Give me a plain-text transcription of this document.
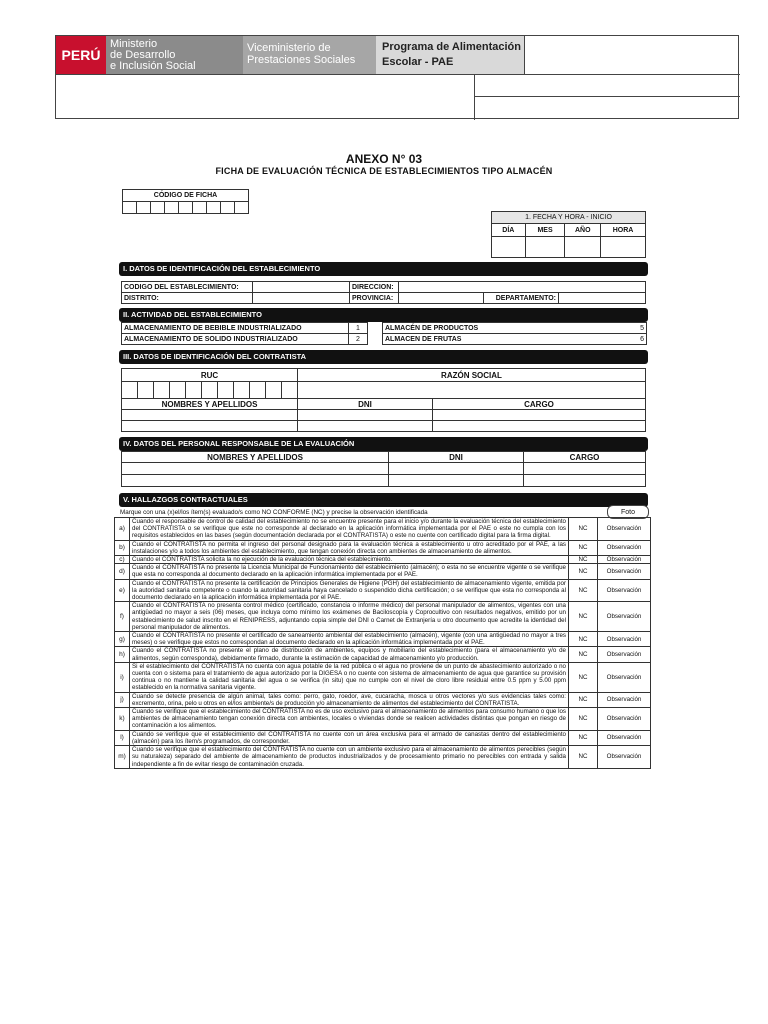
PERÚ
Ministerio
de Desarrollo
e Inclusión Social
Viceministerio de
Prestaciones Sociales
Programa de Alimentación
Escolar - PAE
ANEXO N° 03
FICHA DE EVALUACIÓN TÉCNICA DE ESTABLECIMIENTOS TIPO ALMACÉN
CÓDIGO DE FICHA

1. FECHA Y HORA - INICIO			
DÍA	MES	AÑO	HORA

I. DATOS DE IDENTIFICACIÓN DEL ESTABLECIMIENTO
CODIGO DEL ESTABLECIMIENTO:		DIRECCION:			
DISTRITO:		PROVINCIA:		DEPARTAMENTO:	
II. ACTIVIDAD DEL ESTABLECIMIENTO
ALMACENAMIENTO DE BEBIBLE INDUSTRIALIZADO	1
ALMACENAMIENTO DE SOLIDO INDUSTRIALIZADO	2
ALMACÉN DE PRODUCTOS	5
ALMACEN DE FRUTAS	6
III. DATOS DE IDENTIFICACIÓN DEL CONTRATISTA
RUC											RAZÓN SOCIAL	

NOMBRES Y APELLIDOS											DNI	CARGO

IV. DATOS DEL PERSONAL RESPONSABLE DE LA EVALUACIÓN
NOMBRES Y APELLIDOS	DNI	CARGO

V. HALLAZGOS CONTRACTUALES
Marque con una (x)el/los ítem(s) evaluado/s como NO CONFORME (NC) y precise la observación identificada	Foto
a)	Cuando el responsable de control de calidad del establecimiento no se encuentre presente para el inicio y/o durante la evaluación técnica del establecimiento del CONTRATISTA o se verifique que este no corresponde al declarado en la aplicación informática implementada por el PAE o este no cumpla con los requisitos establecidos en las bases (según documentación declarada por el CONTRATISTA) o este no cuente con certificado digital para la firma digital.	NC	Observación
b)	Cuando el CONTRATISTA no permita el ingreso del personal designado para la evaluación técnica a establecimiento u otro acreditado por el PAE, a las instalaciones y/o a todos los ambientes del establecimiento, que tengan conexión directa con ambientes de almacenamiento de alimentos.	NC	Observación
c)	Cuando el CONTRATISTA solicita la no ejecución de la evaluación técnica del establecimiento.	NC	Observación
d)	Cuando el CONTRATISTA no presente la Licencia Municipal de Funcionamiento del establecimiento (almacén); o esta no se encuentre vigente o se verifique que esta no corresponda al documento declarado en la aplicación informática implementada por el PAE.	NC	Observación
e)	Cuando el CONTRATISTA no presente la certificación de Principios Generales de Higiene (PGH) del establecimiento de almacenamiento vigente, emitida por la autoridad sanitaria competente o cuando la autoridad sanitaria haya cancelado o suspendido dicha certificación; o se verifique que esta no corresponda al documento declarado en la aplicación informática implementada por el PAE.	NC	Observación
f)	Cuando el CONTRATISTA no presenta control médico (certificado, constancia o informe médico) del personal manipulador de alimentos, vigentes con una antigüedad no mayor a seis (06) meses, que incluya como mínimo los exámenes de Baciloscopía y Coprocultivo con resultados negativos, emitido por un establecimiento de salud inscrito en el RENIPRESS, adjuntando copia simple del DNI o Carnet de Extranjería u otro documento que acredite la identidad del personal manipulador de alimentos.	NC	Observación
g)	Cuando el CONTRATISTA no presente el certificado de saneamiento ambiental del establecimiento (almacén), vigente (con una antigüedad no mayor a tres meses) o se verifique que estos no correspondan al documento declarado en la aplicación informática implementada por el PAE.	NC	Observación
h)	Cuando el CONTRATISTA no presente el plano de distribución de ambientes, equipos y mobiliario del establecimiento (para el almacenamiento y/o de alimentos, según corresponda), debidamente firmado, durante la estimación de capacidad de almacenamiento y/o producción.	NC	Observación
i)	Si el establecimiento del CONTRATISTA no cuenta con agua potable de la red pública o el agua no proviene de un punto de abastecimiento autorizado o no cuenta con o sistema para el tratamiento de agua autorizado por la DIGESA o no cuente con sistema de almacenamiento de agua que garantice su provisión continua o no mantiene la calidad sanitaria del agua o se verifica (in situ) que no cumple con el nivel de cloro libre residual entre 0.5 ppm y 5.00 ppm establecido en la normativa sanitaria vigente.	NC	Observación
j)	Cuando se detecte presencia de algún animal, tales como: perro, gato, roedor, ave, cucaracha, mosca u otros vectores y/o sus evidencias tales como: excremento, orina, pelo u otros en el/los ambiente/s de producción y/o almacenamiento de alimentos del establecimiento del CONTRATISTA.	NC	Observación
k)	Cuando se verifique que el establecimiento del CONTRATISTA no es de uso exclusivo para el almacenamiento de alimentos para consumo humano o que los ambientes de almacenamiento tengan conexión directa con ambientes, locales o viviendas donde se realicen actividades distintas que pongan en riesgo de contaminación a los alimentos.	NC	Observación
l)	Cuando se verifique que el establecimiento del CONTRATISTA no cuente con un área exclusiva para el armado de canastas dentro del establecimiento (almacén) para los ítem/s programados, de corresponder.	NC	Observación
m)	Cuando se verifique que el establecimiento del CONTRATISTA no cuente con un ambiente exclusivo para el almacenamiento de alimentos perecibles (según su naturaleza) separado del ambiente de almacenamiento de productos industrializados y de procesamiento primario no perecibles con entrada y salida independiente a fin de evitar riesgo de contaminación cruzada.	NC	Observación
